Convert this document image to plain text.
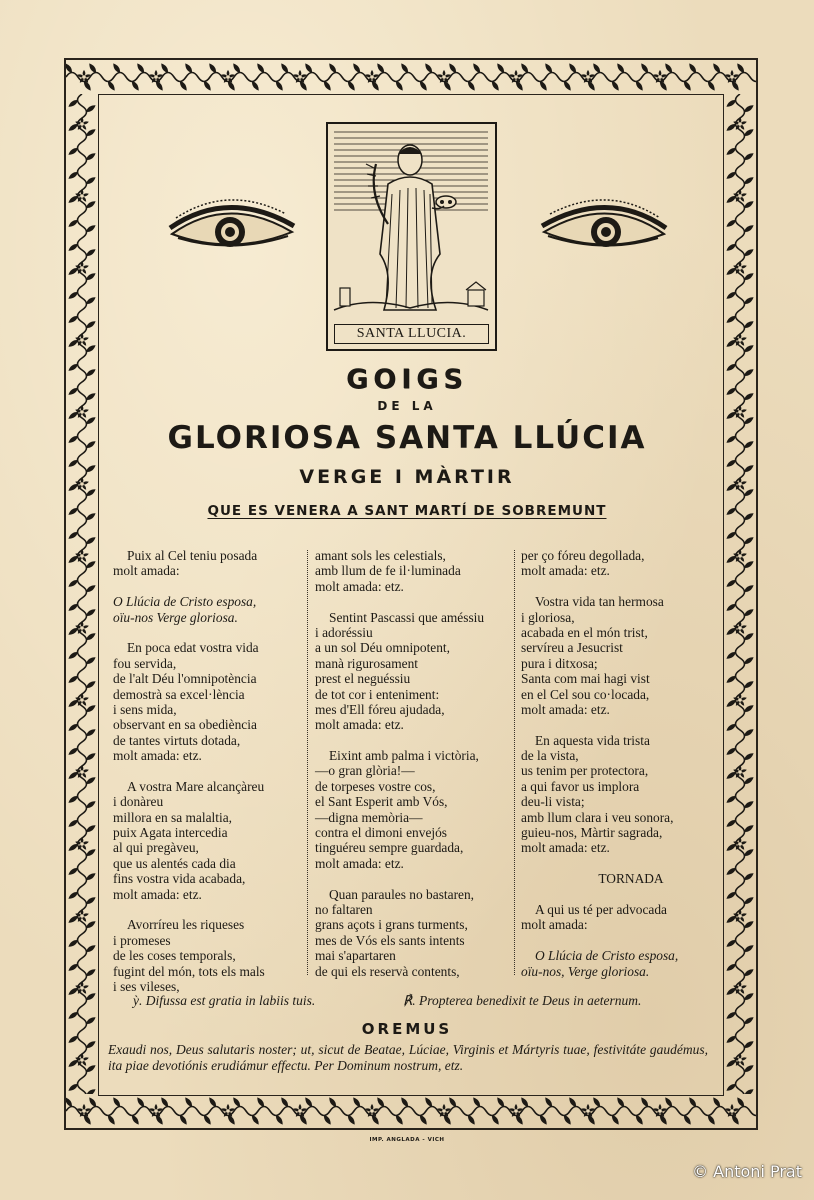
SANTA LLUCIA.
GOIGS
DE LA
GLORIOSA SANTA LLÚCIA
VERGE I MÀRTIR
QUE ES VENERA A SANT MARTÍ DE SOBREMUNT
Puix al Cel teniu posada
molt amada:
O Llúcia de Cristo esposa,
oïu-nos Verge gloriosa.
En poca edat vostra vida
fou servida,
de l'alt Déu l'omnipotència
demostrà sa excel·lència
i sens mida,
observant en sa obediència
de tantes virtuts dotada,
molt amada: etz.
A vostra Mare alcançàreu
i donàreu
millora en sa malaltia,
puix Agata intercedia
al qui pregàveu,
que us alentés cada dia
fins vostra vida acabada,
molt amada: etz.
Avorríreu les riqueses
i promeses
de les coses temporals,
fugint del món, tots els mals
i ses vileses,
amant sols les celestials,
amb llum de fe il·luminada
molt amada: etz.
Sentint Pascassi que améssiu
i adoréssiu
a un sol Déu omnipotent,
manà rigurosament
prest el neguéssiu
de tot cor i enteniment:
mes d'Ell fóreu ajudada,
molt amada: etz.
Eixint amb palma i victòria,
—o gran glòria!—
de torpeses vostre cos,
el Sant Esperit amb Vós,
—digna memòria—
contra el dimoni envejós
tinguéreu sempre guardada,
molt amada: etz.
Quan paraules no bastaren,
no faltaren
grans açots i grans turments,
mes de Vós els sants intents
mai s'apartaren
de qui els reservà contents,
per ço fóreu degollada,
molt amada: etz.
Vostra vida tan hermosa
i gloriosa,
acabada en el món trist,
servíreu a Jesucrist
pura i ditxosa;
Santa com mai hagi vist
en el Cel sou co·locada,
molt amada: etz.
En aquesta vida trista
de la vista,
us tenim per protectora,
a qui favor us implora
deu-li vista;
amb llum clara i veu sonora,
guieu-nos, Màrtir sagrada,
molt amada: etz.
TORNADA
A qui us té per advocada
molt amada:
O Llúcia de Cristo esposa,
oïu-nos, Verge gloriosa.
ỳ. Difussa est gratia in labiis tuis.	℟. Propterea benedixit te Deus in aeternum.
OREMUS
Exaudi nos, Deus salutaris noster; ut, sicut de Beatae, Lúciae, Virginis et Mártyris tuae, festivitáte gaudémus, ita piae devotiónis erudiámur effectu. Per Dominum nostrum, etz.
IMP. ANGLADA - VICH
© Antoni Prat
